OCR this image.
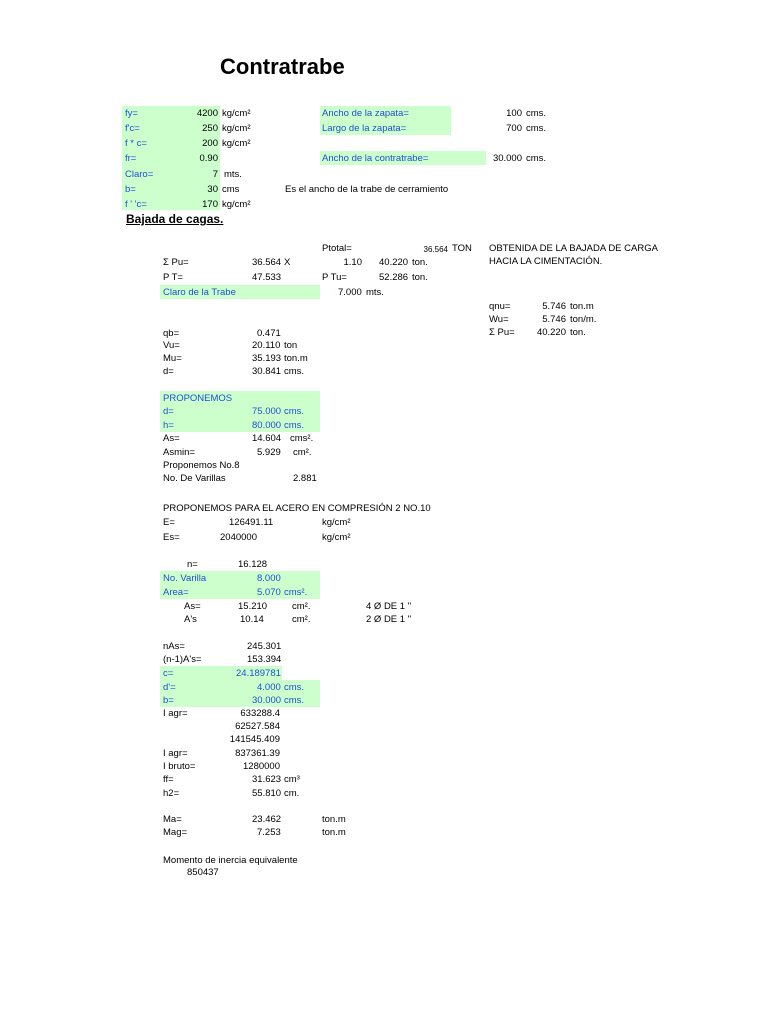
Contratrabe
fy=	4200 kg/cm²
f'c=	250 kg/cm²
f * c=	200 kg/cm²
fr=	0.90
Claro=	7 mts.
b=	30 cms	Es el ancho de la trabe de cerramiento
f ' 'c=	170 kg/cm²
Ancho de la zapata=	100 cms.
Largo de la zapata=	700 cms.
Ancho de la contratrabe=	30.000 cms.
Bajada de cagas.
Ptotal=	36.564 TON OBTENIDA DE LA BAJADA DE CARGA
HACIA LA CIMENTACIÓN.
Σ Pu=	36.564 X	1.10 40.220 ton.
P T=	47.533	P Tu=	52.286 ton.
Claro de la Trabe	7.000 mts.
qnu=	5.746 ton.m
Wu=	5.746 ton/m.
Σ Pu=	40.220 ton.
qb=	0.471
Vu=	20.110 ton
Mu=	35.193 ton.m
d=	30.841 cms.
PROPONEMOS
d=	75.000 cms.
h=	80.000 cms.
As=	14.604 cms².
Asmin=	5.929 cm².
Proponemos No.8
No. De Varillas	2.881
PROPONEMOS PARA EL ACERO EN COMPRESIÓN 2 NO.10
E=	126491.11	kg/cm²
Es=	2040000	kg/cm²
n=	16.128
No. Varilla	8.000
Area=	5.070 cms².
As=	15.210	cm².	4 Ø DE 1 "
A's	10.14	cm².	2 Ø DE 1 "
nAs=	245.301
(n-1)A's=	153.394
c=	24.189781
d'=	4.000 cms.
b=	30.000 cms.
I agr=	633288.4
62527.584
141545.409
I agr=	837361.39
I bruto=	1280000
ff=	31.623 cm³
h2=	55.810 cm.
Ma=	23.462	ton.m
Mag=	7.253	ton.m
Momento de inercia equivalente
850437
